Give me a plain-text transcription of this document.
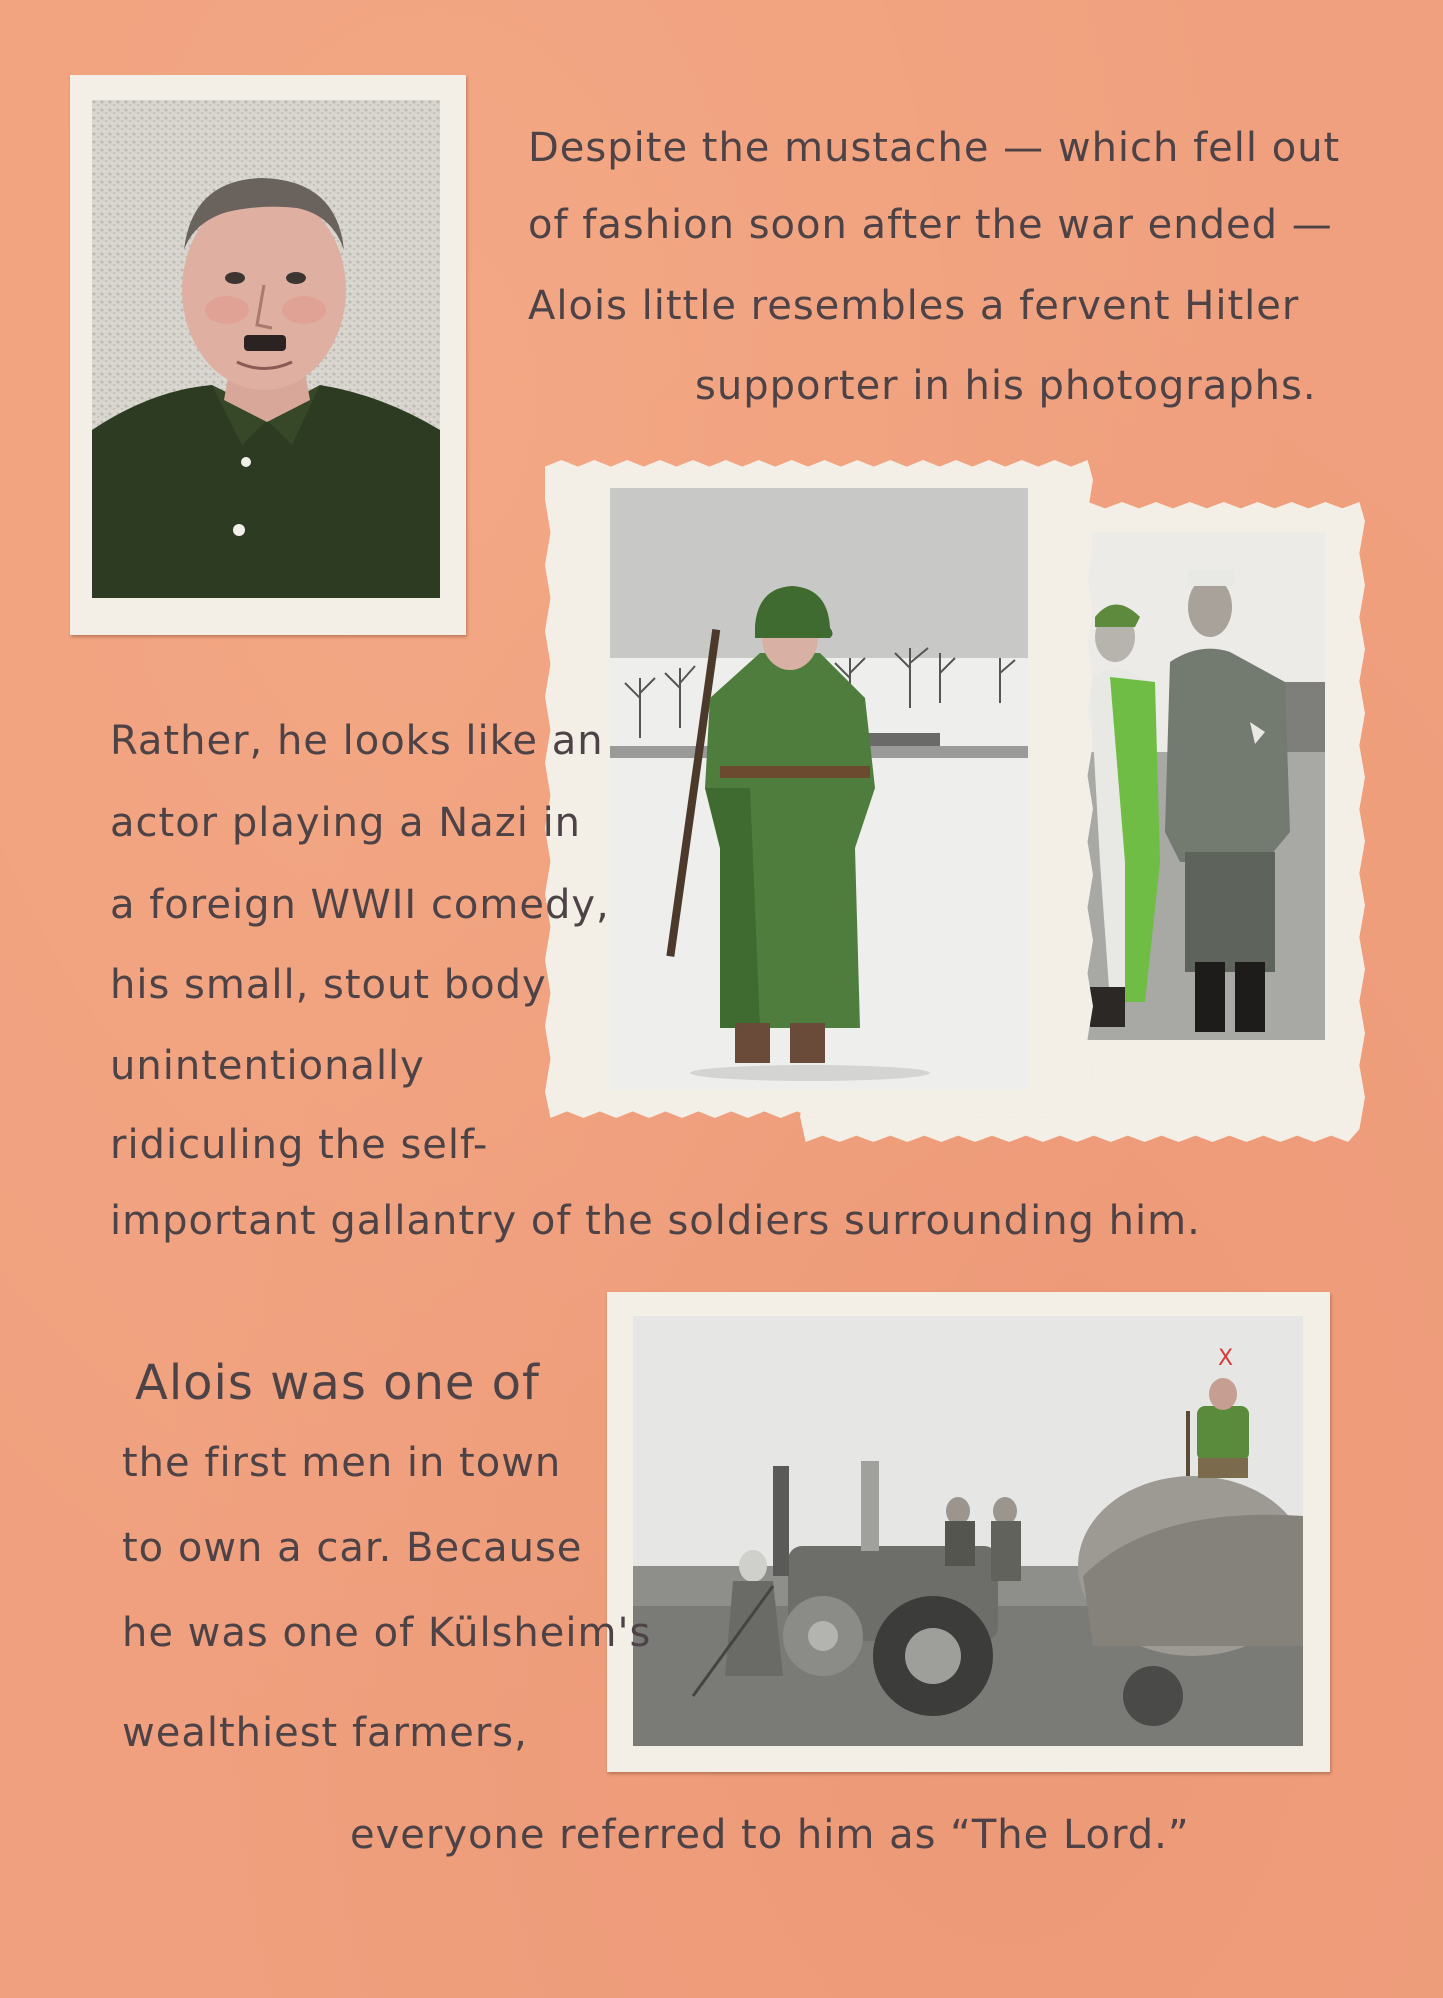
Despite the mustache — which fell out

of fashion soon after the war ended —

Alois little resembles a fervent Hitler

supporter in his photographs.

Rather, he looks like an

actor playing a Nazi in

a foreign WWII comedy,

his small, stout body

unintentionally

ridiculing the self-

important gallantry of the soldiers surrounding him.

X

Alois was one of

the first men in town

to own a car. Because

he was one of Külsheim's

wealthiest farmers,

everyone referred to him as “The Lord.”
